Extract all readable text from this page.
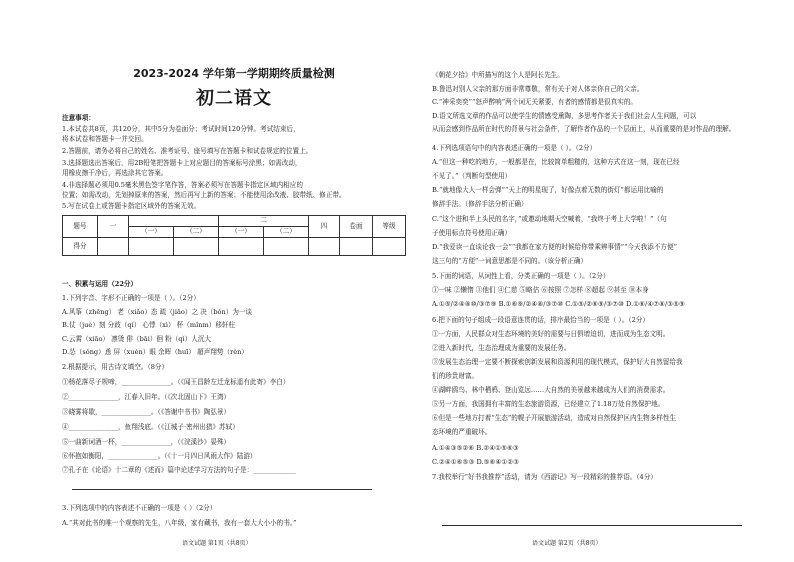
2023-2024 学年第一学期期终质量检测
初二语文
注意事项：
1.本试卷共8页，共120分，其中5分为卷面分；考试时间120分钟。考试结束后，
将本试卷和答题卡一并交回。
2.答题前，请务必将自己的姓名、准考证号、座号填写在答题卡和试卷规定的位置上。
3.选择题选出答案后，用2B铅笔把答题卡上对应题目的答案标号涂黑；如需改动，
用橡皮擦干净后，再选涂其它答案。
4.非选择题必须用0.5毫米黑色签字笔作答，答案必须写在答题卡指定区域内相应的
位置；如需改动，先划掉原来的答案，然后再写上新的答案；不能使用涂改液、胶带纸、修正带。
5.写在试卷上或答题卡指定区域外的答案无效。
题号	一			二		四	卷面	等级
		（一）	（二）	（一）	（二）			
得分								
一、积累与运用（22分）
1.下列字音、字形不正确的一项是（ ）。（2分）
A.风筝（zhēng） 老（xiǎo）态 疏（jiǎo）之 决（bǒn）为一谈
B.仗（juè）刻 分歧（qí） 心悸（xì） 杯（mǐnm）移轩柱
C.云霄（xiāo） 凛烫 俳（bāi）徊 粉（qì）人沉大
D.怂（sǒng）恿 屏（xuèn）眼 余晖（huī） 超声翔势（rèn）
2.根据提示，用古诗文填空。（8分）
①杨花落尽子规啼，_______________。（《闻王昌龄左迁龙标遥有此寄》李白）
②_______________，江春入旧年。（《次北固山下》王湾）
③晓雾将歇，_______________。（《答谢中书书》陶弘景）
④_______________，鱼翔浅底。（《江城子·密州出猎》苏轼）
⑤一曲新词酒一杯，_______________，（《浣溪沙》晏殊）
⑥怀抱如衡阳，_______________。（《十一月四日风雨大作》陆游）
⑦孔子在《论语》十二章的《述而》篇中论述学习方法的句子是：_____________
3.下列选项中的内容表述不正确的一项是（ ）（2分）
A.“其对此书的唯一个观察的先生，八年级，家有藏书，我有一套大大小小的书。”
语文试题 第1页（共8页）
《朝花夕拾》中所描写的这个人是阿长先生。
B.鲁迅对别人父亲的那方面非常尊敬，常有关于对人体亲你自己的父亲。
C.“神采奕奕”“怒声醉响”两个词无关紧要，有者的感情都是很真实的。
D.语文所选文章的作品可以使学生的情感受熏陶，多思考作者关于我们社会人生问题，可以
从而会感到作品所在时代的背景与社会条件，了解作者作品的一个层面上，从而重要的是对作品的理解。
4.下列选项语句中的内容表述正确的一项是（ ）。（2分）
A.“但这一种吃的地方，一般都是在，比较简单粗糙的，这种方式在这一刻，现在已经
不见了。”（判断句型使用）
B.“就地像大人一样会弹”“天上的明星现了，好像点着无数的街灯”都运用比喻的
修辞手法。（修辞手法分析正确）
C.“这个进和半上头民的名字，”或邀动地期天空喊着，“我终于考上大学啦！”（句
子使用标点符号使用正确）
D.“我爱读一直谈论我一会”“我都在家方便的时候给你带乘辨事情”“今天我添不方便”
这三句的“方便”一词意思都是不同的。（该分析正确）
5.下面的词语，从词性上看，分类正确的一项是（ ）。（2分）
①一味 ②懒惰 ③他们 ④仁慈 ⑤略估 ⑥按照 ⑦怎样 ⑧超起 ⑨甚至 ⑩本身
A.①⑤/②④⑧⑩/③⑦⑨ B.①⑥⑨/②④⑧/③⑦⑩ C.①⑤/②⑥⑨/③⑦⑩ D.①⑥/④⑦⑧/③⑤⑨
6.把下面的句子组成一段语意连贯的话，排序最恰当的一项是（ ）。（2分）
①一方面，人民群众对生态环境的美好的需要与日俱增迫切，进而成为生态文明。
②进入新时代，生态治理成为重要的发展任务。
③发展生态治理一定要不断探索创新发展和资源利用的现代模式，保护好大自然留给我
们的珍贵财富。
④湖畔鸥鸟、林中栖鸦、登山览远……大自然的美景越来越成为人们的消费需求。
⑤另一方面，我国拥有丰富的生态旅游资源，已经建立了1.18万处自然保护地。
⑥但是一些地方打着“生态”的幌子开展旅游活动，造成对自然保护区内生物多样性生
态环境的严重破坏。
A.①④③⑤②⑥ B.②④①⑤⑥③
C.②④①⑥⑤③ D.⑤⑥④①②③
7.我校举行“好书我推荐”活动，请为《西游记》写一段精彩的推荐语。（4分）
语文试题 第2页（共8页）
